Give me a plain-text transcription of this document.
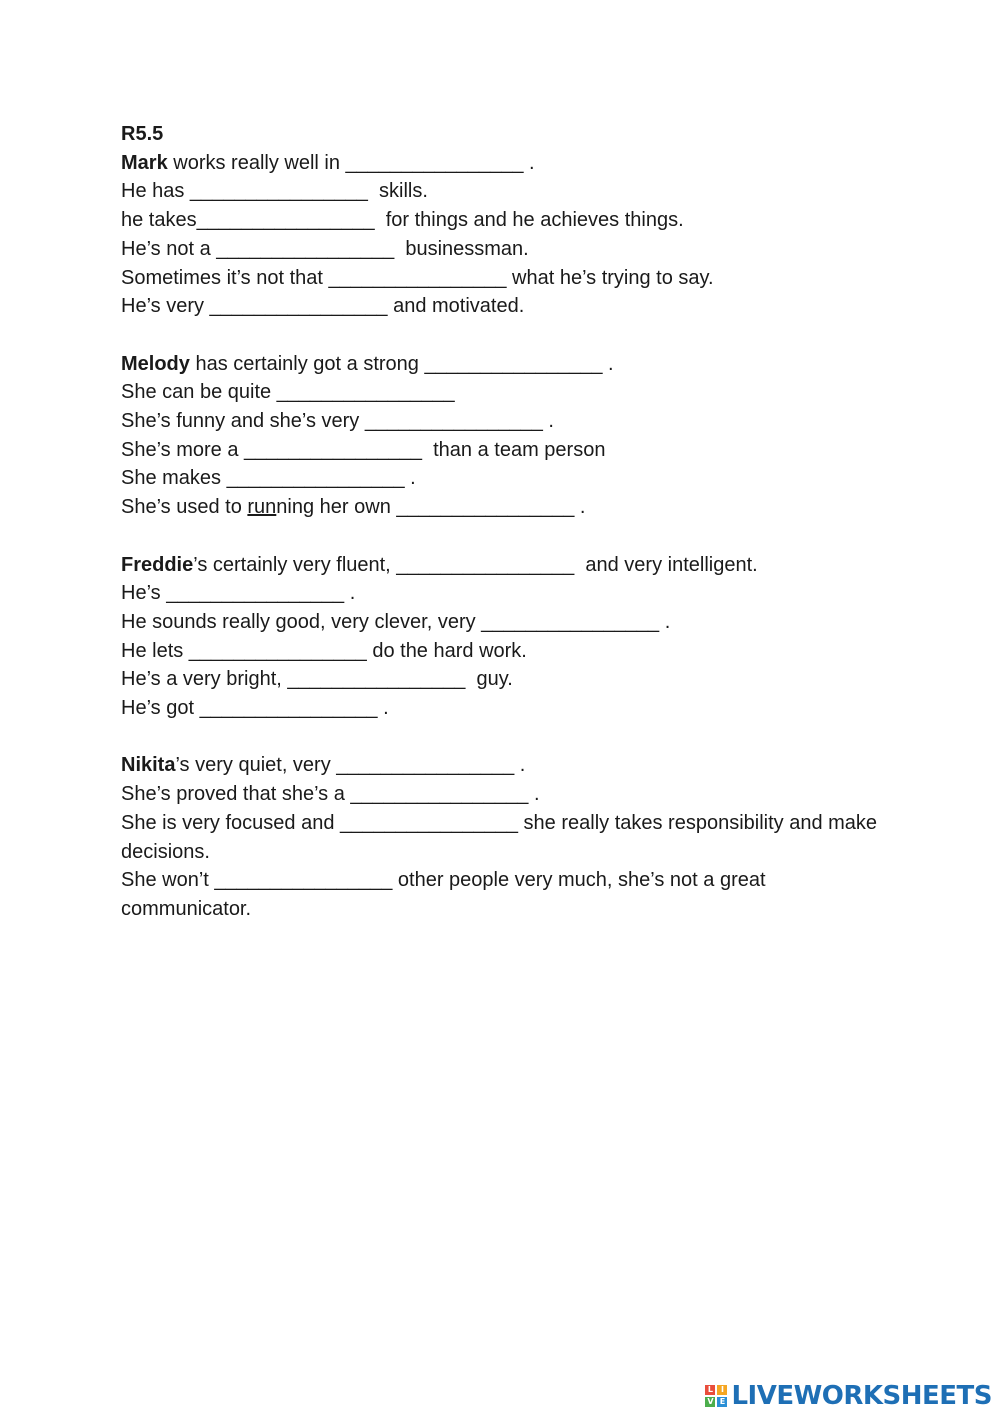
R5.5
Mark works really well in ________________ .
He has ________________  skills.
he takes________________  for things and he achieves things.
He’s not a ________________  businessman.
Sometimes it’s not that ________________ what he’s trying to say.
He’s very ________________ and motivated.
Melody has certainly got a strong ________________ .
She can be quite ________________
She’s funny and she’s very ________________ .
She’s more a ________________  than a team person
She makes ________________ .
She’s used to running her own ________________ .
Freddie’s certainly very fluent, ________________  and very intelligent.
He’s ________________ .
He sounds really good, very clever, very ________________ .
He lets ________________ do the hard work.
He’s a very bright, ________________  guy.
He’s got ________________ .
Nikita’s very quiet, very ________________ .
She’s proved that she’s a ________________ .
She is very focused and ________________ she really takes responsibility and make decisions.
She won’t ________________ other people very much, she’s not a great communicator.
L I
V E LIVEWORKSHEETS
